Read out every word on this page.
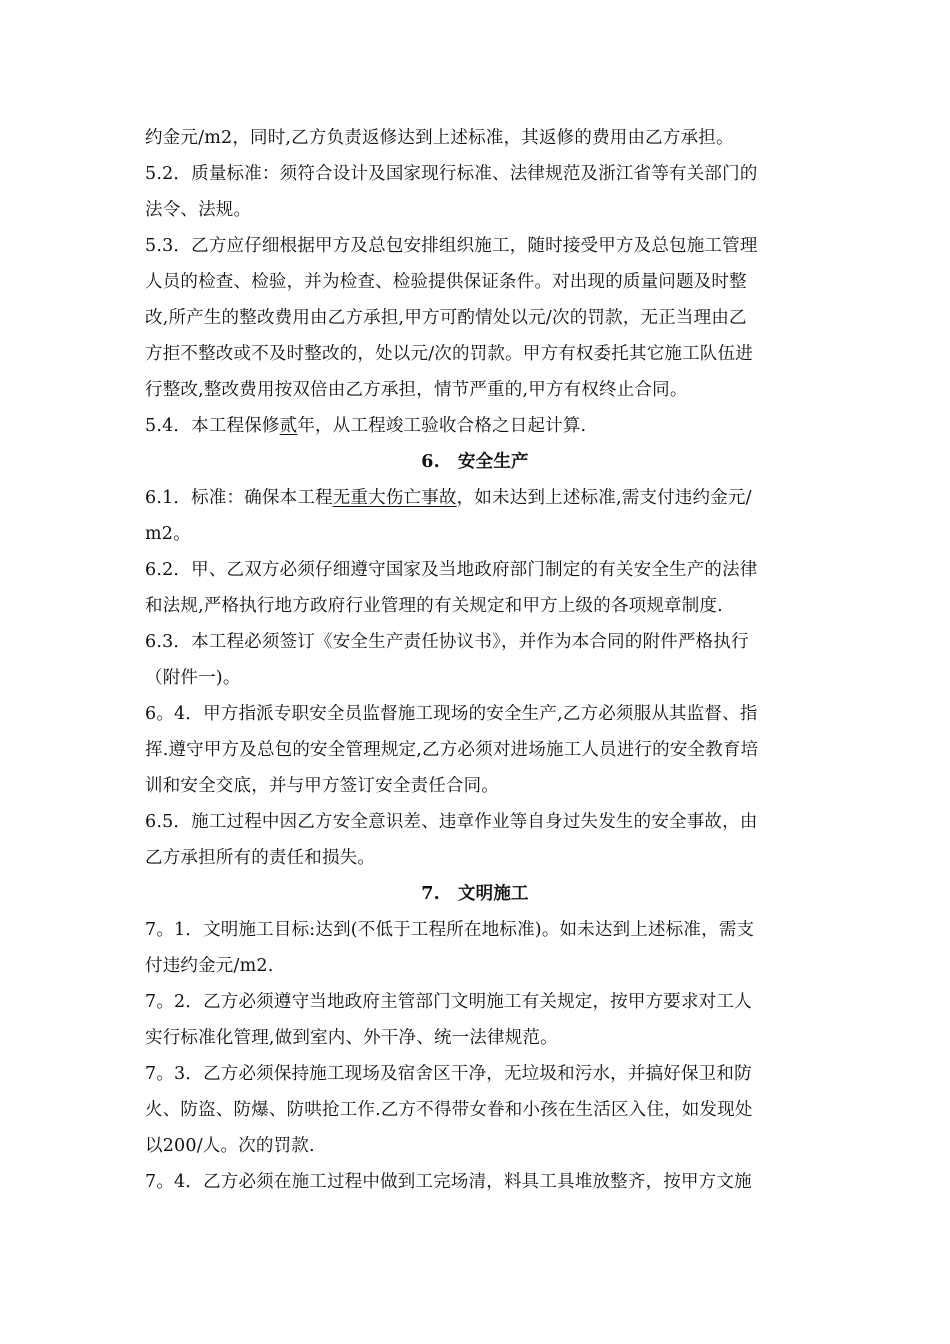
约金元/m2，同时,乙方负责返修达到上述标准，其返修的费用由乙方承担。
5.2．质量标准：须符合设计及国家现行标准、法律规范及浙江省等有关部门的
法令、法规。
5.3．乙方应仔细根据甲方及总包安排组织施工，随时接受甲方及总包施工管理
人员的检查、检验，并为检查、检验提供保证条件。对出现的质量问题及时整
改,所产生的整改费用由乙方承担,甲方可酌情处以元/次的罚款，无正当理由乙
方拒不整改或不及时整改的，处以元/次的罚款。甲方有权委托其它施工队伍进
行整改,整改费用按双倍由乙方承担，情节严重的,甲方有权终止合同。
5.4．本工程保修贰年，从工程竣工验收合格之日起计算.
6. 安全生产
6.1．标准：确保本工程无重大伤亡事故，如未达到上述标准,需支付违约金元/
m2。
6.2．甲、乙双方必须仔细遵守国家及当地政府部门制定的有关安全生产的法律
和法规,严格执行地方政府行业管理的有关规定和甲方上级的各项规章制度.
6.3．本工程必须签订《安全生产责任协议书》，并作为本合同的附件严格执行
（附件一)。
6。4．甲方指派专职安全员监督施工现场的安全生产,乙方必须服从其监督、指
挥.遵守甲方及总包的安全管理规定,乙方必须对进场施工人员进行的安全教育培
训和安全交底，并与甲方签订安全责任合同。
6.5．施工过程中因乙方安全意识差、违章作业等自身过失发生的安全事故，由
乙方承担所有的责任和损失。
7. 文明施工
7。1．文明施工目标:达到(不低于工程所在地标准)。如未达到上述标准，需支
付违约金元/m2.
7。2．乙方必须遵守当地政府主管部门文明施工有关规定，按甲方要求对工人
实行标准化管理,做到室内、外干净、统一法律规范。
7。3．乙方必须保持施工现场及宿舍区干净，无垃圾和污水，并搞好保卫和防
火、防盗、防爆、防哄抢工作.乙方不得带女眷和小孩在生活区入住，如发现处
以200/人。次的罚款.
7。4．乙方必须在施工过程中做到工完场清，料具工具堆放整齐，按甲方文施
